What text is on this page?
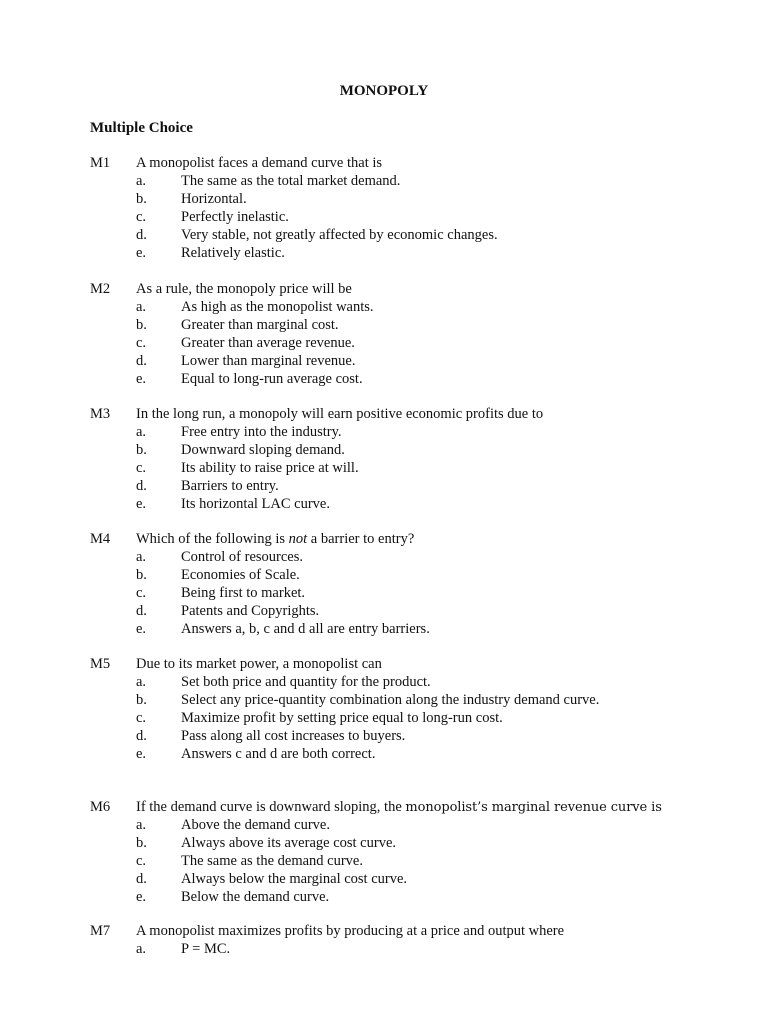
MONOPOLY
Multiple Choice
M1 A monopolist faces a demand curve that is
a. The same as the total market demand.
b. Horizontal.
c. Perfectly inelastic.
d. Very stable, not greatly affected by economic changes.
e. Relatively elastic.
M2 As a rule, the monopoly price will be
a. As high as the monopolist wants.
b. Greater than marginal cost.
c. Greater than average revenue.
d. Lower than marginal revenue.
e. Equal to long-run average cost.
M3 In the long run, a monopoly will earn positive economic profits due to
a. Free entry into the industry.
b. Downward sloping demand.
c. Its ability to raise price at will.
d. Barriers to entry.
e. Its horizontal LAC curve.
M4 Which of the following is not a barrier to entry?
a. Control of resources.
b. Economies of Scale.
c. Being first to market.
d. Patents and Copyrights.
e. Answers a, b, c and d all are entry barriers.
M5 Due to its market power, a monopolist can
a. Set both price and quantity for the product.
b. Select any price-quantity combination along the industry demand curve.
c. Maximize profit by setting price equal to long-run cost.
d. Pass along all cost increases to buyers.
e. Answers c and d are both correct.
M6 If the demand curve is downward sloping, the monopolist’s marginal revenue curve is
a. Above the demand curve.
b. Always above its average cost curve.
c. The same as the demand curve.
d. Always below the marginal cost curve.
e. Below the demand curve.
M7 A monopolist maximizes profits by producing at a price and output where
a. P = MC.
